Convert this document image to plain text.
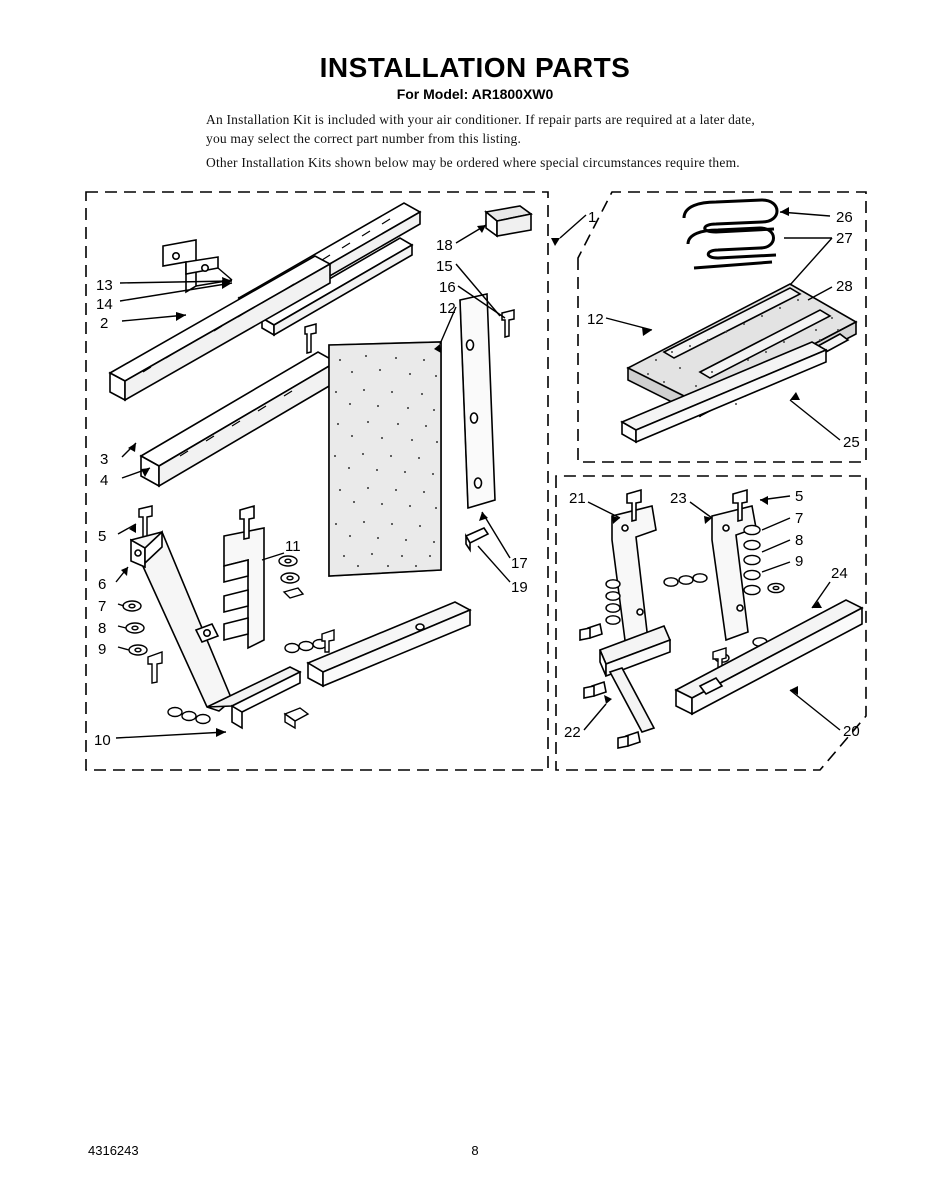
INSTALLATION PARTS
For Model: AR1800XW0
An Installation Kit is included with your air conditioner. If repair parts are required at a later date, you may select the correct part number from this listing.
Other Installation Kits shown below may be ordered where special circumstances require them.
13
14
2
3
4
5
6
7
8
9
10
11
18
15
16
12
17
19
1	26
27
28
12
25
21	23	5
7
8
9
24
22	20
4316243	8
